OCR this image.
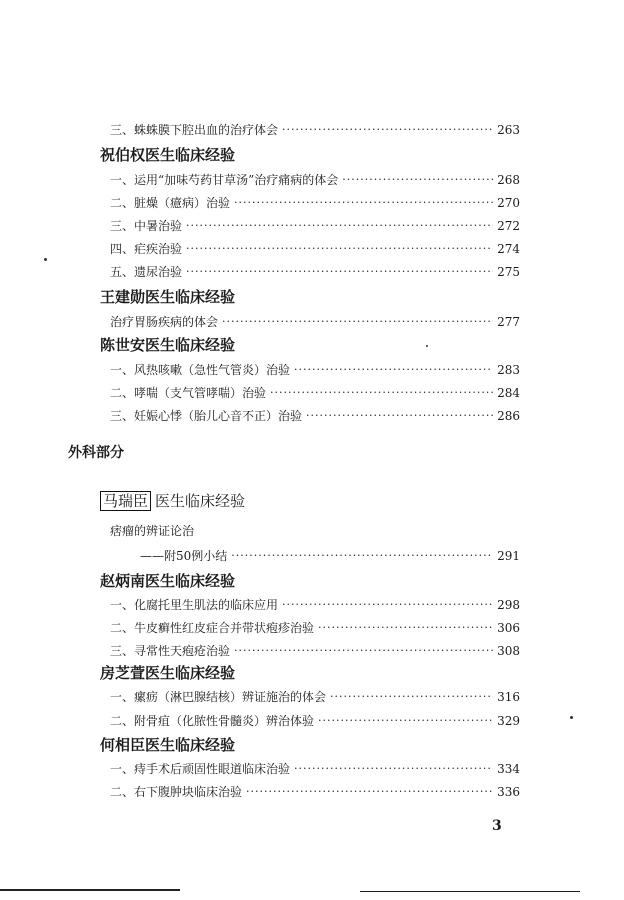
三、蛛蛛膜下腔出血的治疗体会 ·····	263
祝伯权医生临床经验
一、运用“加味芍药甘草汤”治疗痛病的体会 ·····	268
二、脏燥（癔病）治验 ·····	270
三、中暑治验 ·····	272
四、疟疾治验 ·····	274
五、遗尿治验 ·····	275
王建勋医生临床经验
治疗胃肠疾病的体会 ·····	277
陈世安医生临床经验
一、风热咳嗽（急性气管炎）治验 ·····	283
二、哮喘（支气管哮喘）治验 ·····	284
三、妊娠心悸（胎儿心音不正）治验 ·····	286
外科部分
马瑞臣 医生临床经验
痞瘤的辨证论治
——附50例小结 ·····	291
赵炳南医生临床经验
一、化腐托里生肌法的临床应用 ·····	298
二、牛皮癣性红皮症合并带状疱疹治验 ·····	306
三、寻常性天疱疮治验 ·····	308
房芝萱医生临床经验
一、瘰疬（淋巴腺结核）辨证施治的体会 ·····	316
二、附骨疽（化脓性骨髓炎）辨治体验 ·····	329
何相臣医生临床经验
一、痔手术后顽固性眼道临床治验 ·····	334
二、右下腹肿块临床治验 ·····	336
3
